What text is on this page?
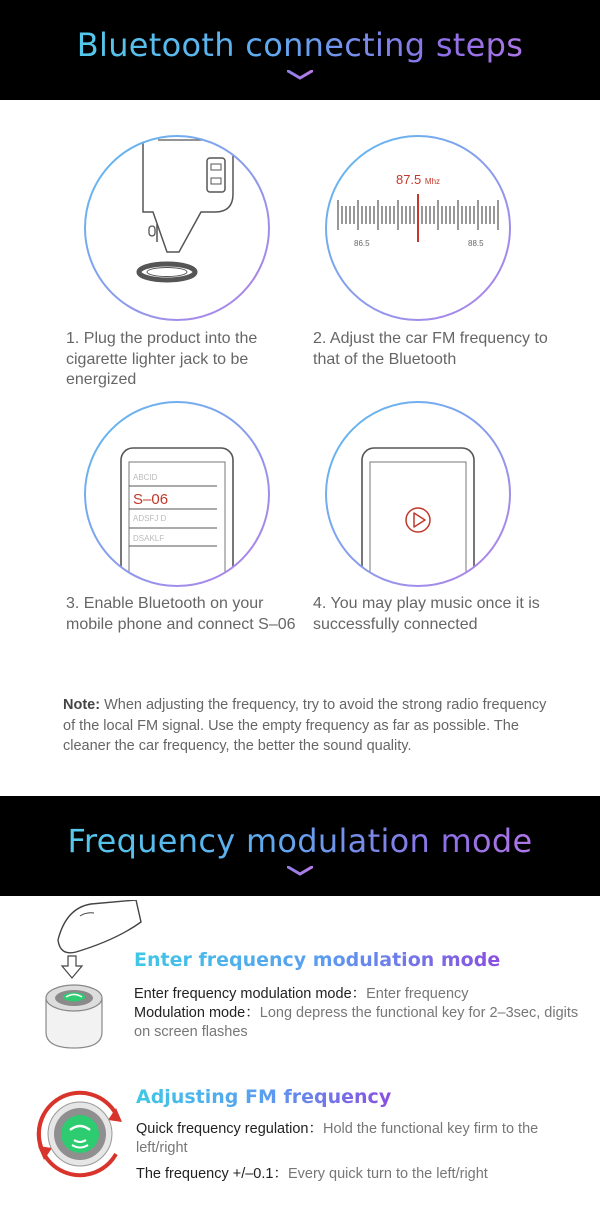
Bluetooth connecting steps
87.5 Mhz
86.5	88.5
1. Plug the product into the cigarette lighter jack to be energized
2. Adjust the car FM frequency to that of the Bluetooth
ABCID
S–06
ADSFJ D
DSAKLF
3. Enable Bluetooth on your mobile phone and connect S–06
4. You may play music once it is successfully connected
Note: When adjusting the frequency, try to avoid the strong radio frequency of the local FM signal. Use the empty frequency as far as possible. The cleaner the car frequency, the better the sound quality.
Frequency modulation mode
Enter frequency modulation mode
Enter frequency modulation mode：Enter frequency
Modulation mode：Long depress the functional key for 2–3sec, digits on screen flashes
Adjusting FM frequency
Quick frequency regulation：Hold the functional key firm to the left/right
The frequency +/–0.1：Every quick turn to the left/right
